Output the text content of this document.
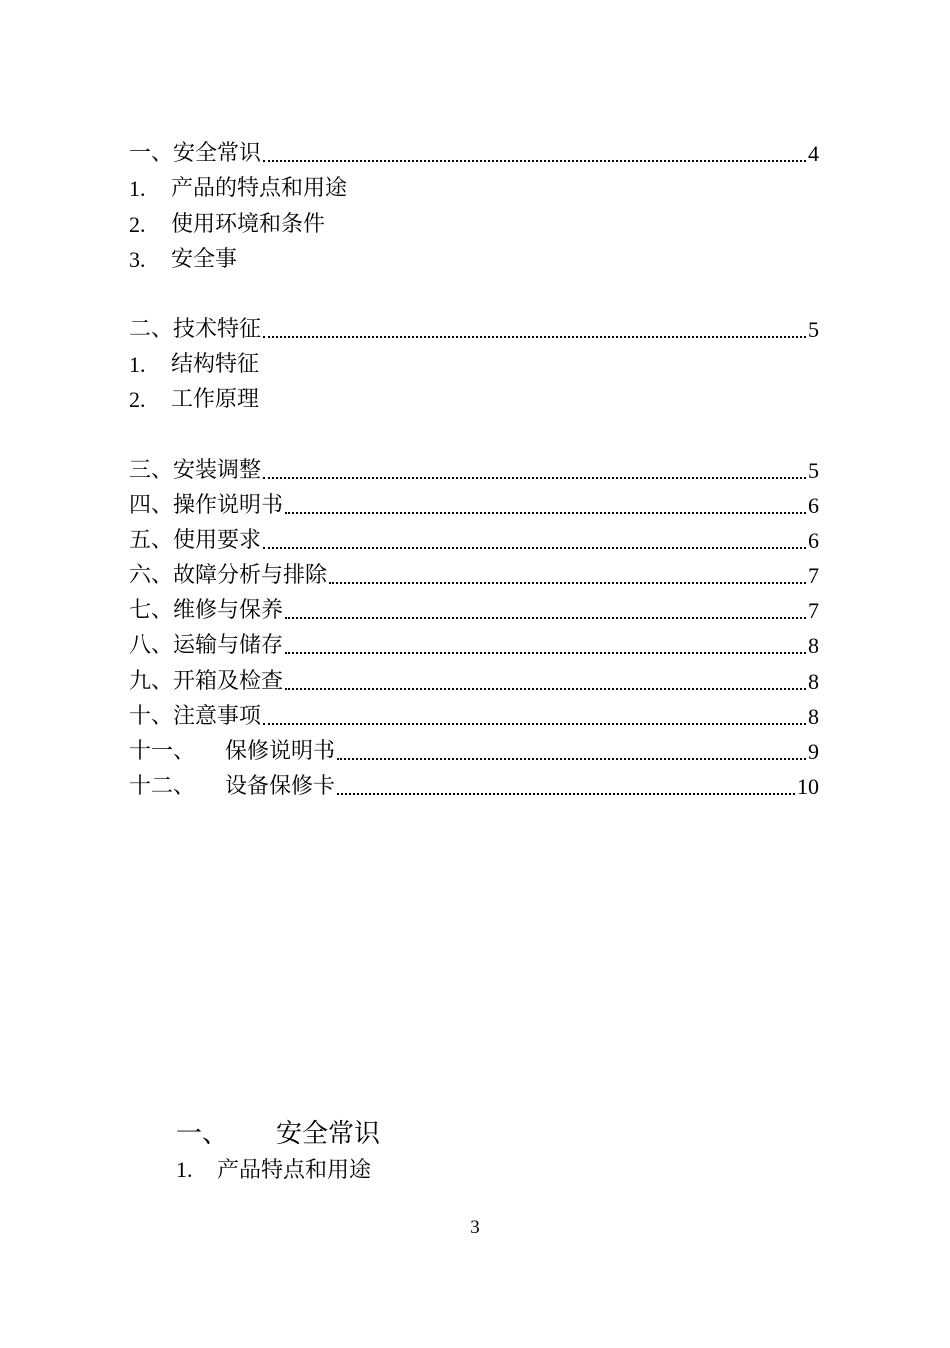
一、安全常识	4
1.	产品的特点和用途
2.	使用环境和条件
3.	安全事
二、技术特征	5
1.	结构特征
2.	工作原理
三、安装调整	5
四、操作说明书	6
五、使用要求	6
六、故障分析与排除	7
七、维修与保养	7
八、运输与储存	8
九、开箱及检查	8
十、注意事项	8
十一、 保修说明书	9
十二、 设备保修卡	10
一、 安全常识
1. 产品特点和用途
3
